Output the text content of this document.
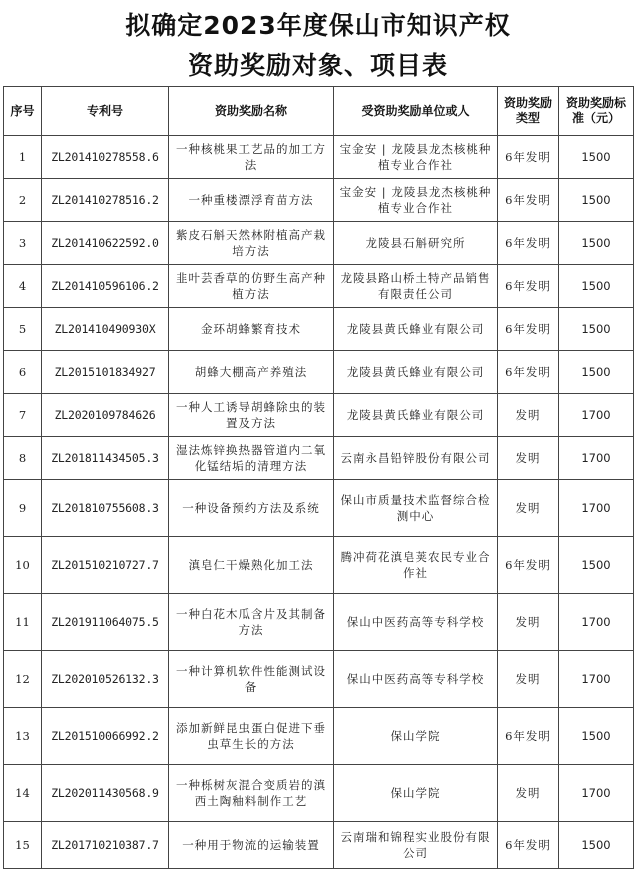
拟确定2023年度保山市知识产权
资助奖励对象、项目表
序号	专利号	资助奖励名称	受资助奖励单位或人	资助奖励类型	资助奖励标准（元）
1	ZL201410278558.6	一种核桃果工艺品的加工方法	宝金安 | 龙陵县龙杰核桃种植专业合作社	6年发明	1500
2	ZL201410278516.2	一种重楼漂浮育苗方法	宝金安 | 龙陵县龙杰核桃种植专业合作社	6年发明	1500
3	ZL201410622592.0	紫皮石斛天然林附植高产栽培方法	龙陵县石斛研究所	6年发明	1500
4	ZL201410596106.2	韭叶芸香草的仿野生高产种植方法	龙陵县路山桥土特产品销售有限责任公司	6年发明	1500
5	ZL201410490930X	金环胡蜂繁育技术	龙陵县黄氏蜂业有限公司	6年发明	1500
6	ZL2015101834927	胡蜂大棚高产养殖法	龙陵县黄氏蜂业有限公司	6年发明	1500
7	ZL2020109784626	一种人工诱导胡蜂除虫的装置及方法	龙陵县黄氏蜂业有限公司	发明	1700
8	ZL201811434505.3	湿法炼锌换热器管道内二氧化锰结垢的清理方法	云南永昌铅锌股份有限公司	发明	1700
9	ZL201810755608.3	一种设备预约方法及系统	保山市质量技术监督综合检测中心	发明	1700
10	ZL201510210727.7	滇皂仁干燥熟化加工法	腾冲荷花滇皂荚农民专业合作社	6年发明	1500
11	ZL201911064075.5	一种白花木瓜含片及其制备方法	保山中医药高等专科学校	发明	1700
12	ZL202010526132.3	一种计算机软件性能测试设备	保山中医药高等专科学校	发明	1700
13	ZL201510066992.2	添加新鲜昆虫蛋白促进下垂虫草生长的方法	保山学院	6年发明	1500
14	ZL202011430568.9	一种栎树灰混合变质岩的滇西土陶釉料制作工艺	保山学院	发明	1700
15	ZL201710210387.7	一种用于物流的运输装置	云南瑞和锦程实业股份有限公司	6年发明	1500
